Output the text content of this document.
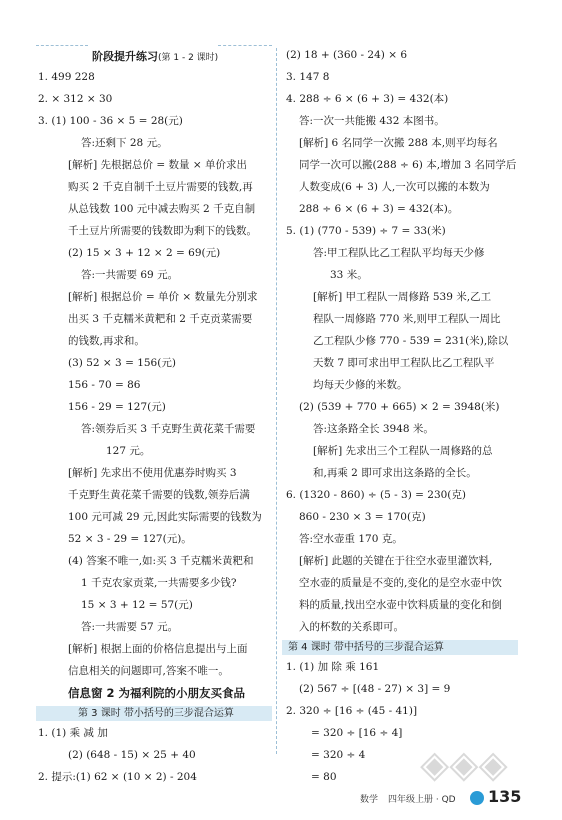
阶段提升练习(第 1 - 2 课时)
1. 499 228
2. × 312 × 30
3. (1) 100 - 36 × 5 = 28(元)
答:还剩下 28 元。
[解析] 先根据总价 = 数量 × 单价求出
购买 2 千克自制千土豆片需要的钱数,再
从总钱数 100 元中减去购买 2 千克自制
千土豆片所需要的钱数即为剩下的钱数。
(2) 15 × 3 + 12 × 2 = 69(元)
答:一共需要 69 元。
[解析] 根据总价 = 单价 × 数量先分别求
出买 3 千克糯米黄粑和 2 千克贡菜需要
的钱数,再求和。
(3) 52 × 3 = 156(元)
156 - 70 = 86
156 - 29 = 127(元)
答:领券后买 3 千克野生黄花菜千需要
127 元。
[解析] 先求出不使用优惠券时购买 3
千克野生黄花菜千需要的钱数,领券后满
100 元可减 29 元,因此实际需要的钱数为
52 × 3 - 29 = 127(元)。
(4) 答案不唯一,如:买 3 千克糯米黄粑和
1 千克农家贡菜,一共需要多少钱?
15 × 3 + 12 = 57(元)
答:一共需要 57 元。
[解析] 根据上面的价格信息提出与上面
信息相关的问题即可,答案不唯一。
信息窗 2 为福利院的小朋友买食品
第 3 课时 带小括号的三步混合运算
1. (1) 乘 减 加
(2) (648 - 15) × 25 + 40
2. 提示:(1) 62 × (10 × 2) - 204
(2) 18 + (360 - 24) × 6
3. 147 8
4. 288 ÷ 6 × (6 + 3) = 432(本)
答:一次一共能搬 432 本图书。
[解析] 6 名同学一次搬 288 本,则平均每名
同学一次可以搬(288 ÷ 6) 本,增加 3 名同学后
人数变成(6 + 3) 人,一次可以搬的本数为
288 ÷ 6 × (6 + 3) = 432(本)。
5. (1) (770 - 539) ÷ 7 = 33(米)
答:甲工程队比乙工程队平均每天少修
33 米。
[解析] 甲工程队一周修路 539 米,乙工
程队一周修路 770 米,则甲工程队一周比
乙工程队少修 770 - 539 = 231(米),除以
天数 7 即可求出甲工程队比乙工程队平
均每天少修的米数。
(2) (539 + 770 + 665) × 2 = 3948(米)
答:这条路全长 3948 米。
[解析] 先求出三个工程队一周修路的总
和,再乘 2 即可求出这条路的全长。
6. (1320 - 860) ÷ (5 - 3) = 230(克)
860 - 230 × 3 = 170(克)
答:空水壶重 170 克。
[解析] 此题的关键在于往空水壶里灌饮料,
空水壶的质量是不变的,变化的是空水壶中饮
料的质量,找出空水壶中饮料质量的变化和倒
入的杯数的关系即可。
第 4 课时 带中括号的三步混合运算
1. (1) 加 除 乘 161
(2) 567 ÷ [(48 - 27) × 3] = 9
2. 320 ÷ [16 ÷ (45 - 41)]
= 320 ÷ [16 ÷ 4]
= 320 ÷ 4
= 80
数学 四年级上册 · QD 135
◈◈◈
